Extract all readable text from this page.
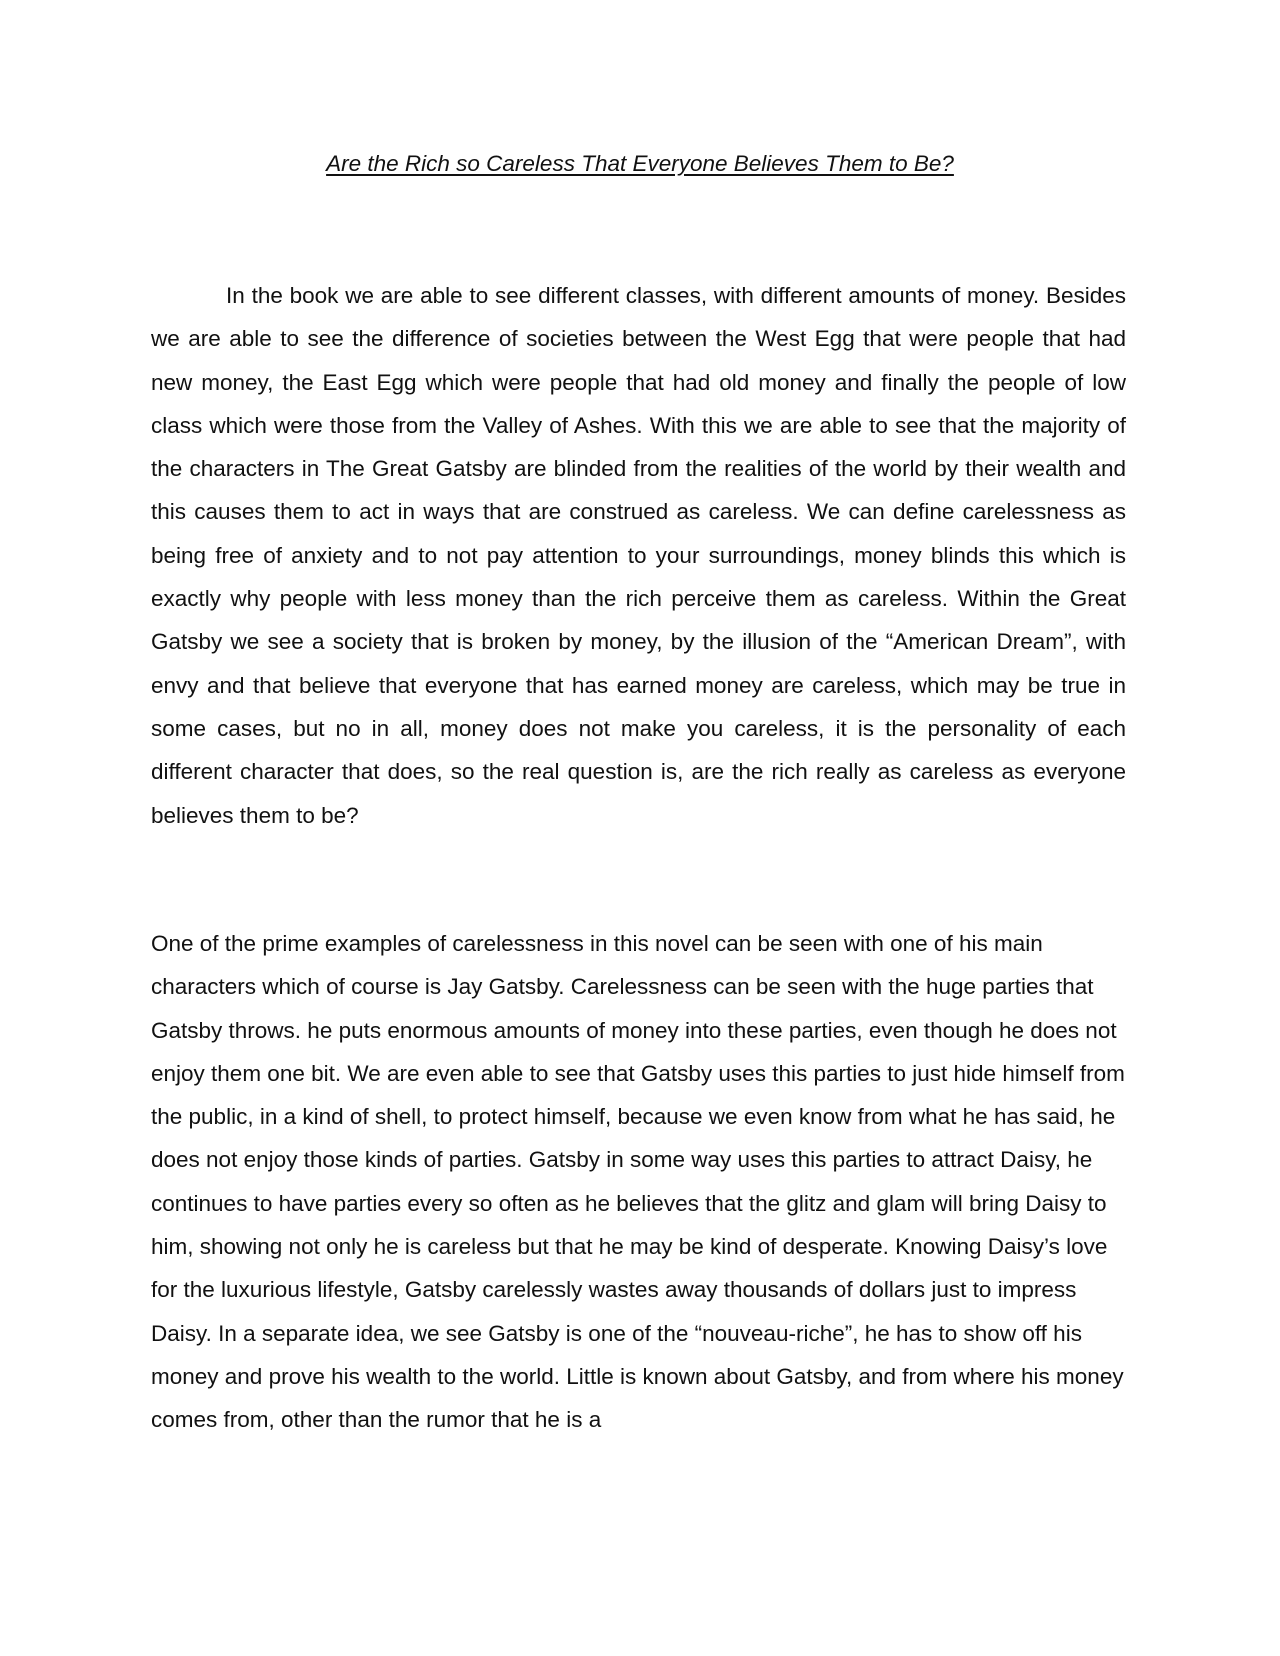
Are the Rich so Careless That Everyone Believes Them to Be?

In the book we are able to see different classes, with different amounts of money. Besides we are able to see the difference of societies between the West Egg that were people that had new money, the East Egg which were people that had old money and finally the people of low class which were those from the Valley of Ashes. With this we are able to see that the majority of the characters in The Great Gatsby are blinded from the realities of the world by their wealth and this causes them to act in ways that are construed as careless. We can define carelessness as being free of anxiety and to not pay attention to your surroundings, money blinds this which is exactly why people with less money than the rich perceive them as careless. Within the Great Gatsby we see a society that is broken by money, by the illusion of the “American Dream”, with envy and that believe that everyone that has earned money are careless, which may be true in some cases, but no in all, money does not make you careless, it is the personality of each different character that does, so the real question is, are the rich really as careless as everyone believes them to be?

One of the prime examples of carelessness in this novel can be seen with one of his main characters which of course is Jay Gatsby. Carelessness can be seen with the huge parties that Gatsby throws. he puts enormous amounts of money into these parties, even though he does not enjoy them one bit. We are even able to see that Gatsby uses this parties to just hide himself from the public, in a kind of shell, to protect himself, because we even know from what he has said, he does not enjoy those kinds of parties. Gatsby in some way uses this parties to attract Daisy, he continues to have parties every so often as he believes that the glitz and glam will bring Daisy to him, showing not only he is careless but that he may be kind of desperate. Knowing Daisy’s love for the luxurious lifestyle, Gatsby carelessly wastes away thousands of dollars just to impress Daisy. In a separate idea, we see Gatsby is one of the “nouveau-riche”, he has to show off his money and prove his wealth to the world. Little is known about Gatsby, and from where his money comes from, other than the rumor that he is a
